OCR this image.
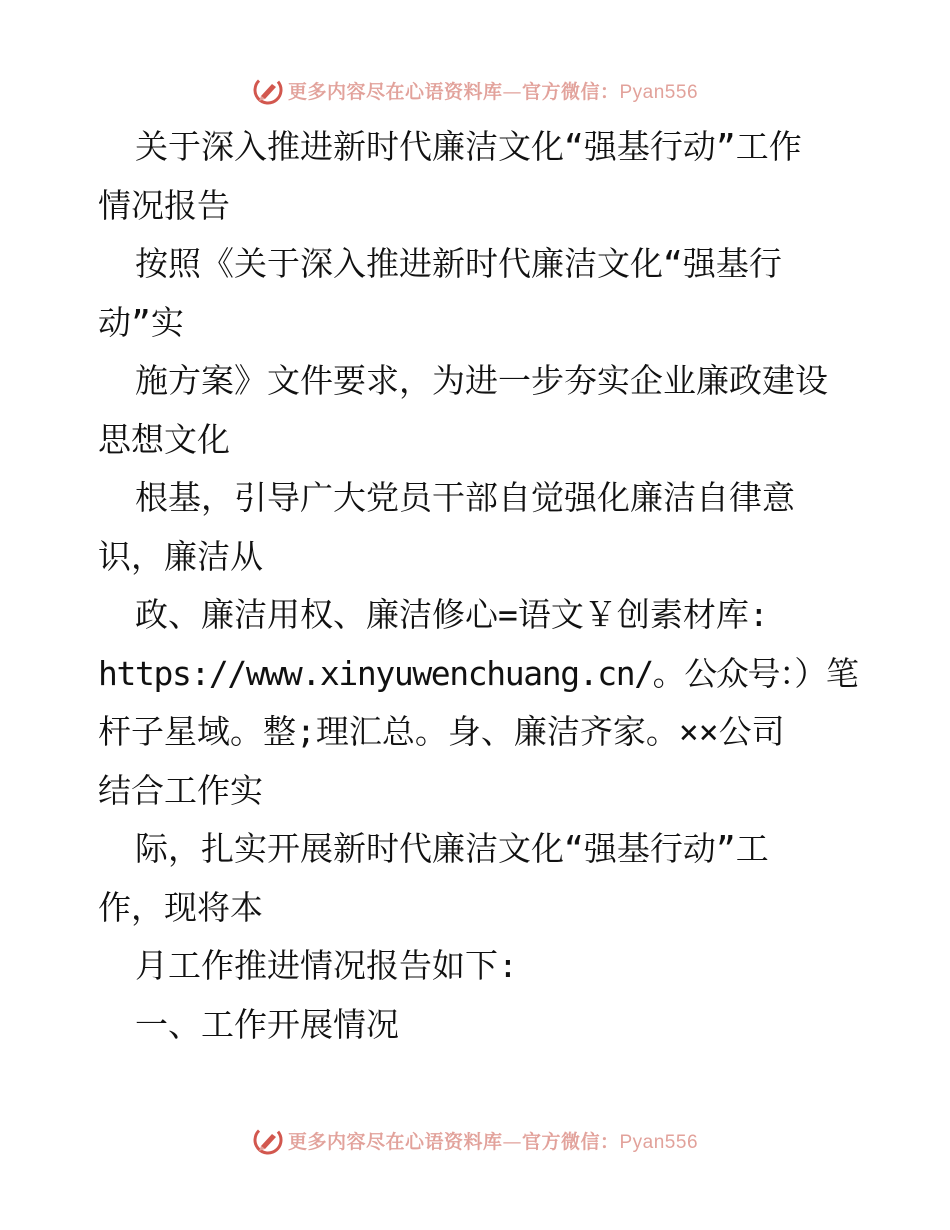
更多内容尽在心语资料库—官方微信：Pyan556

关于深入推进新时代廉洁文化“强基行动”工作

情况报告

按照《关于深入推进新时代廉洁文化“强基行

动”实

施方案》文件要求，为进一步夯实企业廉政建设

思想文化

根基，引导广大党员干部自觉强化廉洁自律意

识，廉洁从

政、廉洁用权、廉洁修心=语文￥创素材库:

https://www.xinyuwenchuang.cn/。公众号：）笔

杆子星域。整;理汇总。身、廉洁齐家。××公司

结合工作实

际，扎实开展新时代廉洁文化“强基行动”工

作，现将本

月工作推进情况报告如下:

一、工作开展情况

更多内容尽在心语资料库—官方微信：Pyan556
